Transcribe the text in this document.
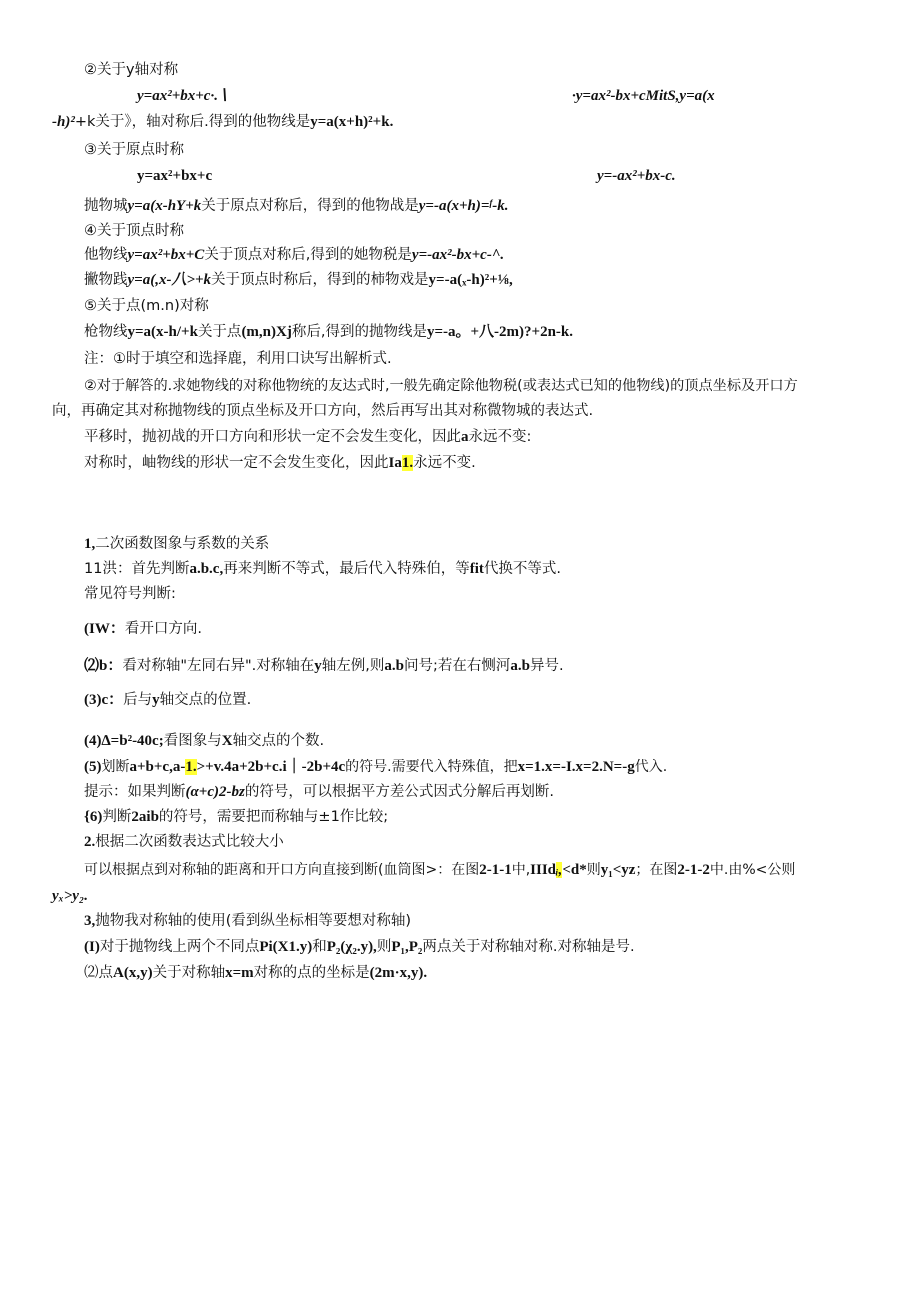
②关于y轴对称
y=ax²+bx+c·.∖	·y=ax²-bx+cMitS,y=a(x
-h)²+k关于》，轴对称后.得到的他物线是y=a(x+h)²+k.
③关于原点时称
y=ax²+bx+c	y=-ax²+bx-c.
抛物城y=a(x-hY+k关于原点对称后，得到的他物战是y=-a(x+h)=ᶠ-k.
④关于顶点时称
他物线y=ax²+bx+C关于顶点对称后,得到的她物税是y=-ax²-bx+c-^.
撇物践y=a(,x-八>+k关于顶点时称后，得到的柿物戏是y=-a(ₓ-h)²+⅛,
⑤关于点(m.n)对称
枪物线y=a(x-h/+k关于点(m,n)Xj称后,得到的抛物线是y=-a。+八-2m)?+2n-k.
注：①时于填空和选择鹿，利用口诀写出解析式.
②对于解答的.求她物线的对称他物统的友达式时,一般先确定除他物税(或表达式已知的他物线)的顶点坐标及开口方
向，再确定其对称抛物线的顶点坐标及开口方向，然后再写出其对称微物城的表达式.
平移时，抛初战的开口方向和形状一定不会发生变化，因此a永远不变:
对称时，岫物线的形状一定不会发生变化，因此Ia1.永远不变.
1,二次函数图象与系数的关系
11洪：首先判断a.b.c,再来判断不等式，最后代入特殊伯，等fit代换不等式.
常见符号判断:
(IW：看开口方向.
⑵b：看对称轴"左同右异".对称轴在y轴左例,则a.b问号;若在右恻河a.b异号.
(3)c：后与y轴交点的位置.
(4)∆=b²-40c;看图象与X轴交点的个数.
(5)划断a+b+c,a-1.>+v.4a+2b+c.i｜-2b+4c的符号.需要代入特殊值，把x=1.x=-I.x=2.N=-g代入.
提示：如果判断(α+c)2-bz的符号，可以根据平方差公式因式分解后再划断.
{6)判断2aib的符号，需要把而称轴与±1作比较;
2.根据二次函数表达式比较大小
可以根据点到对称轴的距离和开口方向直接到断(血筒图>：在图2-1-1中,IIIdᵢ,<d*则y₁<yz；在图2-1-2中.由%<公则
yₓ>y₂.
3,抛物我对称轴的使用(看到纵坐标相等要想对称轴)
(I)对于抛物线上两个不同点Pi(X1.y)和P₂(χ₂.y),则P₁,P₂两点关于对称轴对称.对称轴是号.
⑵点A(x,y)关于对称轴x=m对称的点的坐标是(2m·x,y).
